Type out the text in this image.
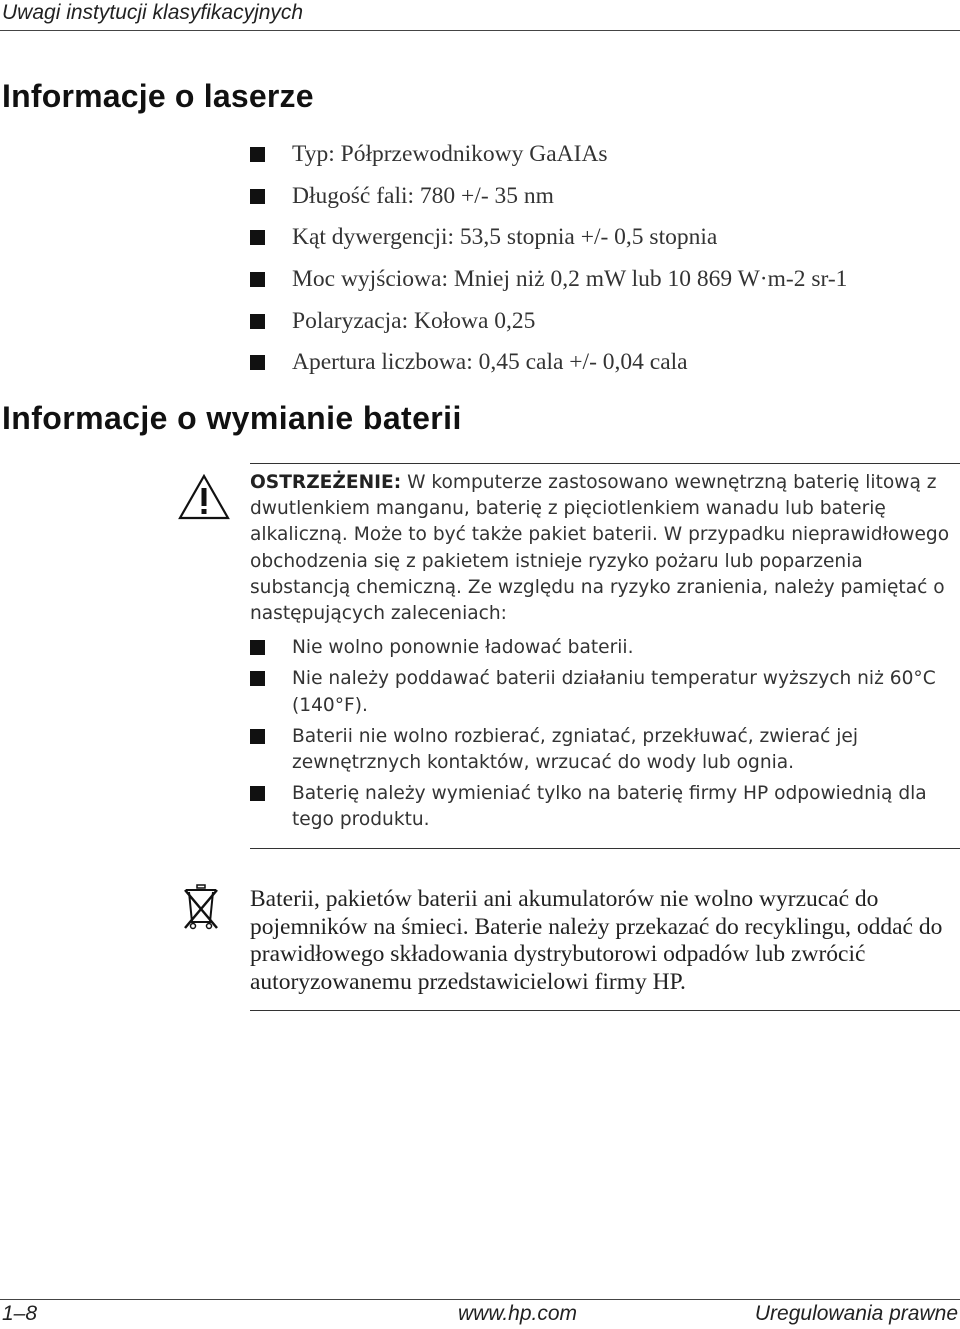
Uwagi instytucji klasyfikacyjnych
Informacje o laserze
Typ: Półprzewodnikowy GaAIAs
Długość fali: 780 +/- 35 nm
Kąt dywergencji: 53,5 stopnia +/- 0,5 stopnia
Moc wyjściowa: Mniej niż 0,2 mW lub 10 869 W·m-2 sr-1
Polaryzacja: Kołowa 0,25
Apertura liczbowa: 0,45 cala +/- 0,04 cala
Informacje o wymianie baterii
OSTRZEŻENIE: W komputerze zastosowano wewnętrzną baterię litową z dwutlenkiem manganu, baterię z pięciotlenkiem wanadu lub baterię alkaliczną. Może to być także pakiet baterii. W przypadku nieprawidłowego obchodzenia się z pakietem istnieje ryzyko pożaru lub poparzenia substancją chemiczną. Ze względu na ryzyko zranienia, należy pamiętać o następujących zaleceniach:
Nie wolno ponownie ładować baterii.
Nie należy poddawać baterii działaniu temperatur wyższych niż 60°C (140°F).
Baterii nie wolno rozbierać, zgniatać, przekłuwać, zwierać jej zewnętrznych kontaktów, wrzucać do wody lub ognia.
Baterię należy wymieniać tylko na baterię firmy HP odpowiednią dla tego produktu.
Baterii, pakietów baterii ani akumulatorów nie wolno wyrzucać do pojemników na śmieci. Baterie należy przekazać do recyklingu, oddać do prawidłowego składowania dystrybutorowi odpadów lub zwrócić autoryzowanemu przedstawicielowi firmy HP.
1–8	www.hp.com	Uregulowania prawne
